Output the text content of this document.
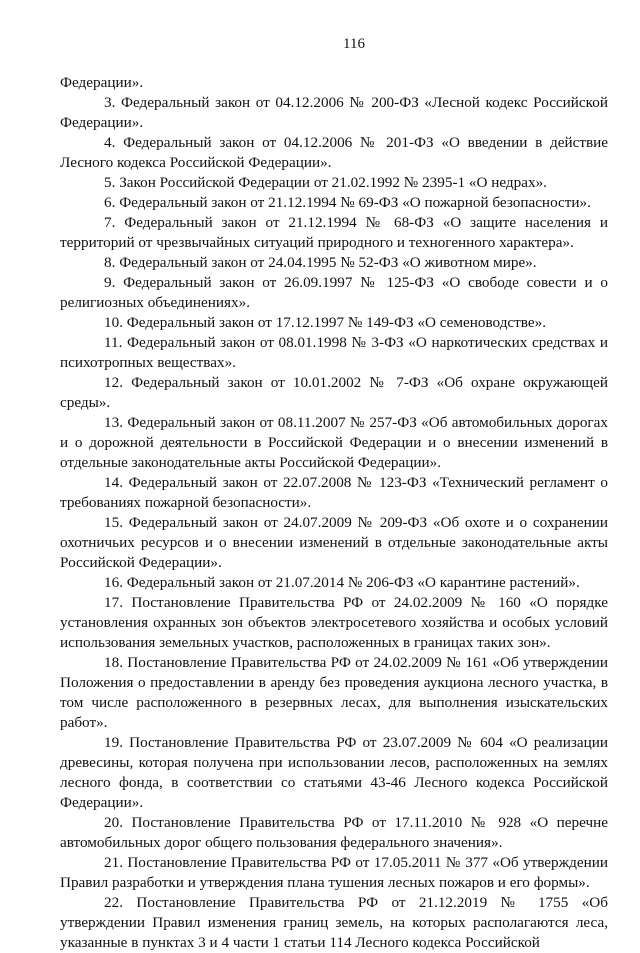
116

Федерации».

3. Федеральный закон от 04.12.2006 № 200-ФЗ «Лесной кодекс Российской Федерации».

4. Федеральный закон от 04.12.2006 № 201-ФЗ «О введении в действие Лесного кодекса Российской Федерации».

5. Закон Российской Федерации от 21.02.1992 № 2395-1 «О недрах».

6. Федеральный закон от 21.12.1994 № 69-ФЗ «О пожарной безопасности».

7. Федеральный закон от 21.12.1994 № 68-ФЗ «О защите населения и территорий от чрезвычайных ситуаций природного и техногенного характера».

8. Федеральный закон от 24.04.1995 № 52-ФЗ «О животном мире».

9. Федеральный закон от 26.09.1997 № 125-ФЗ «О свободе совести и о религиозных объединениях».

10. Федеральный закон от 17.12.1997 № 149-ФЗ «О семеноводстве».

11. Федеральный закон от 08.01.1998 № 3-ФЗ «О наркотических средствах и психотропных веществах».

12. Федеральный закон от 10.01.2002 № 7-ФЗ «Об охране окружающей среды».

13. Федеральный закон от 08.11.2007 № 257-ФЗ «Об автомобильных дорогах и о дорожной деятельности в Российской Федерации и о внесении изменений в отдельные законодательные акты Российской Федерации».

14. Федеральный закон от 22.07.2008 № 123-ФЗ «Технический регламент о требованиях пожарной безопасности».

15. Федеральный закон от 24.07.2009 № 209-ФЗ «Об охоте и о сохранении охотничьих ресурсов и о внесении изменений в отдельные законодательные акты Российской Федерации».

16. Федеральный закон от 21.07.2014 № 206-ФЗ «О карантине растений».

17. Постановление Правительства РФ от 24.02.2009 № 160 «О порядке установления охранных зон объектов электросетевого хозяйства и особых условий использования земельных участков, расположенных в границах таких зон».

18. Постановление Правительства РФ от 24.02.2009 № 161 «Об утверждении Положения о предоставлении в аренду без проведения аукциона лесного участка, в том числе расположенного в резервных лесах, для выполнения изыскательских работ».

19. Постановление Правительства РФ от 23.07.2009 № 604 «О реализации древесины, которая получена при использовании лесов, расположенных на землях лесного фонда, в соответствии со статьями 43-46 Лесного кодекса Российской Федерации».

20. Постановление Правительства РФ от 17.11.2010 № 928 «О перечне автомобильных дорог общего пользования федерального значения».

21. Постановление Правительства РФ от 17.05.2011 № 377 «Об утверждении Правил разработки и утверждения плана тушения лесных пожаров и его формы».

22. Постановление Правительства РФ от 21.12.2019 № 1755 «Об утверждении Правил изменения границ земель, на которых располагаются леса, указанные в пунктах 3 и 4 части 1 статьи 114 Лесного кодекса Российской
